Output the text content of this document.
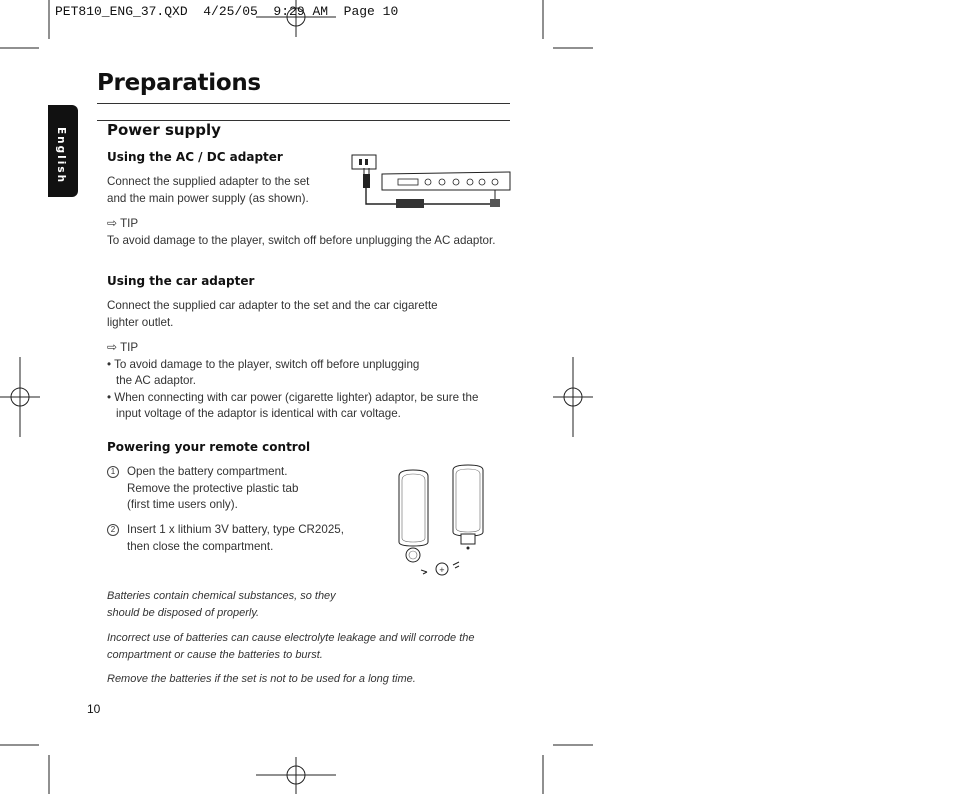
PET810_ENG_37.QXD  4/25/05  9:29 AM  Page 10
English
Preparations
Power supply
Using the AC / DC adapter
Connect the supplied adapter to the set
and the main power supply (as shown).
⇨ TIP
To avoid damage to the player, switch off before unplugging the AC adaptor.
Using the car adapter
Connect the supplied car adapter to the set and the car cigarette
lighter outlet.
⇨ TIP
• To avoid damage to the player, switch off before unplugging
the AC adaptor.
• When connecting with car power (cigarette lighter) adaptor, be sure the
input voltage of the adaptor is identical with car voltage.
Powering your remote control
1 Open the battery compartment.
Remove the protective plastic tab
(first time users only).
2 Insert 1 x lithium 3V battery, type CR2025,
then close the compartment.
+
Batteries contain chemical substances, so they
should be disposed of properly.
Incorrect use of batteries can cause electrolyte leakage and will corrode the
compartment or cause the batteries to burst.
Remove the batteries if the set is not to be used for a long time.
10
